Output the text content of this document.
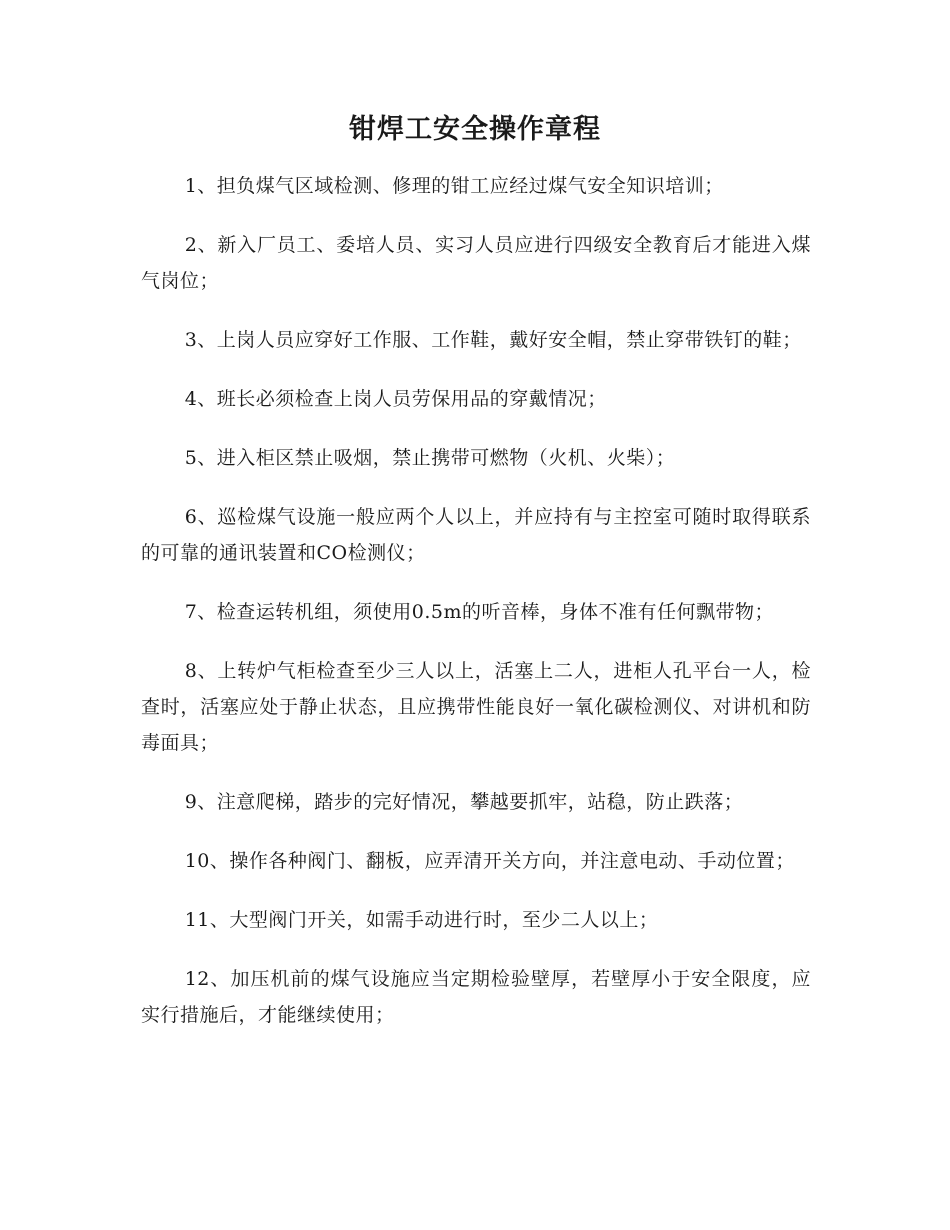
钳焊工安全操作章程
1、担负煤气区域检测、修理的钳工应经过煤气安全知识培训；
2、新入厂员工、委培人员、实习人员应进行四级安全教育后才能进入煤气岗位；
3、上岗人员应穿好工作服、工作鞋，戴好安全帽，禁止穿带铁钉的鞋；
4、班长必须检查上岗人员劳保用品的穿戴情况；
5、进入柜区禁止吸烟，禁止携带可燃物（火机、火柴）；
6、巡检煤气设施一般应两个人以上，并应持有与主控室可随时取得联系的可靠的通讯装置和CO检测仪；
7、检查运转机组，须使用0.5m的听音棒，身体不准有任何飘带物；
8、上转炉气柜检查至少三人以上，活塞上二人，进柜人孔平台一人，检查时，活塞应处于静止状态，且应携带性能良好一氧化碳检测仪、对讲机和防毒面具；
9、注意爬梯，踏步的完好情况，攀越要抓牢，站稳，防止跌落；
10、操作各种阀门、翻板，应弄清开关方向，并注意电动、手动位置；
11、大型阀门开关，如需手动进行时，至少二人以上；
12、加压机前的煤气设施应当定期检验壁厚，若壁厚小于安全限度，应实行措施后，才能继续使用；
